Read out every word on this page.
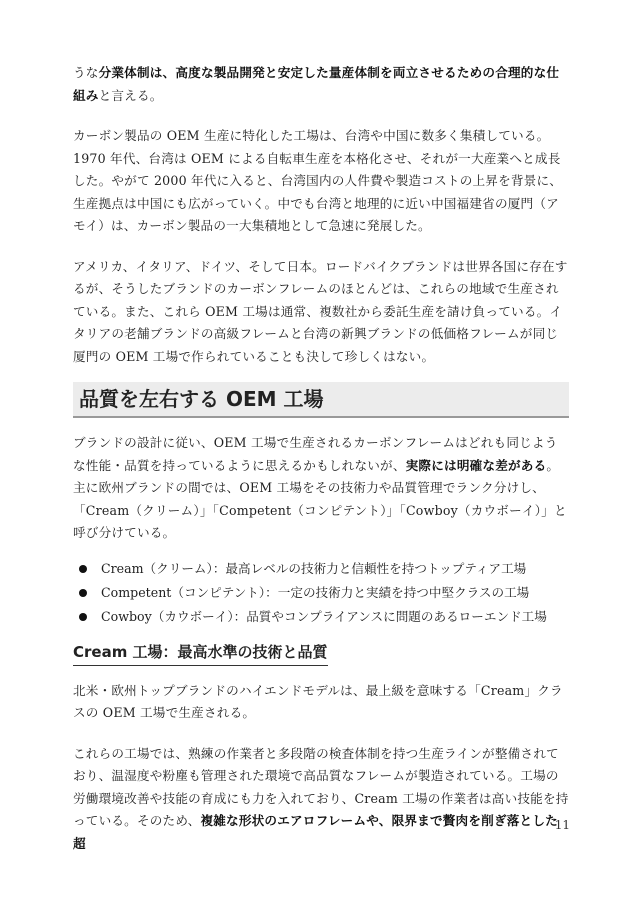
うな分業体制は、高度な製品開発と安定した量産体制を両立させるための合理的な仕組みと言える。

カーボン製品の OEM 生産に特化した工場は、台湾や中国に数多く集積している。1970 年代、台湾は OEM による自転車生産を本格化させ、それが一大産業へと成長した。やがて 2000 年代に入ると、台湾国内の人件費や製造コストの上昇を背景に、生産拠点は中国にも広がっていく。中でも台湾と地理的に近い中国福建省の厦門（アモイ）は、カーボン製品の一大集積地として急速に発展した。

アメリカ、イタリア、ドイツ、そして日本。ロードバイクブランドは世界各国に存在するが、そうしたブランドのカーボンフレームのほとんどは、これらの地域で生産されている。また、これら OEM 工場は通常、複数社から委託生産を請け負っている。イタリアの老舗ブランドの高級フレームと台湾の新興ブランドの低価格フレームが同じ厦門の OEM 工場で作られていることも決して珍しくはない。

品質を左右する OEM 工場

ブランドの設計に従い、OEM 工場で生産されるカーボンフレームはどれも同じような性能・品質を持っているように思えるかもしれないが、実際には明確な差がある。

主に欧州ブランドの間では、OEM 工場をその技術力や品質管理でランク分けし、「Cream（クリーム）」「Competent（コンピテント）」「Cowboy（カウボーイ）」と呼び分けている。

Cream（クリーム）：最高レベルの技術力と信頼性を持つトップティア工場
Competent（コンピテント）：一定の技術力と実績を持つ中堅クラスの工場
Cowboy（カウボーイ）：品質やコンプライアンスに問題のあるローエンド工場
Cream 工場：最高水準の技術と品質

北米・欧州トップブランドのハイエンドモデルは、最上級を意味する「Cream」クラスの OEM 工場で生産される。

これらの工場では、熟練の作業者と多段階の検査体制を持つ生産ラインが整備されており、温湿度や粉塵も管理された環境で高品質なフレームが製造されている。工場の労働環境改善や技能の育成にも力を入れており、Cream 工場の作業者は高い技能を持っている。そのため、複雑な形状のエアロフレームや、限界まで贅肉を削ぎ落とした超

11
